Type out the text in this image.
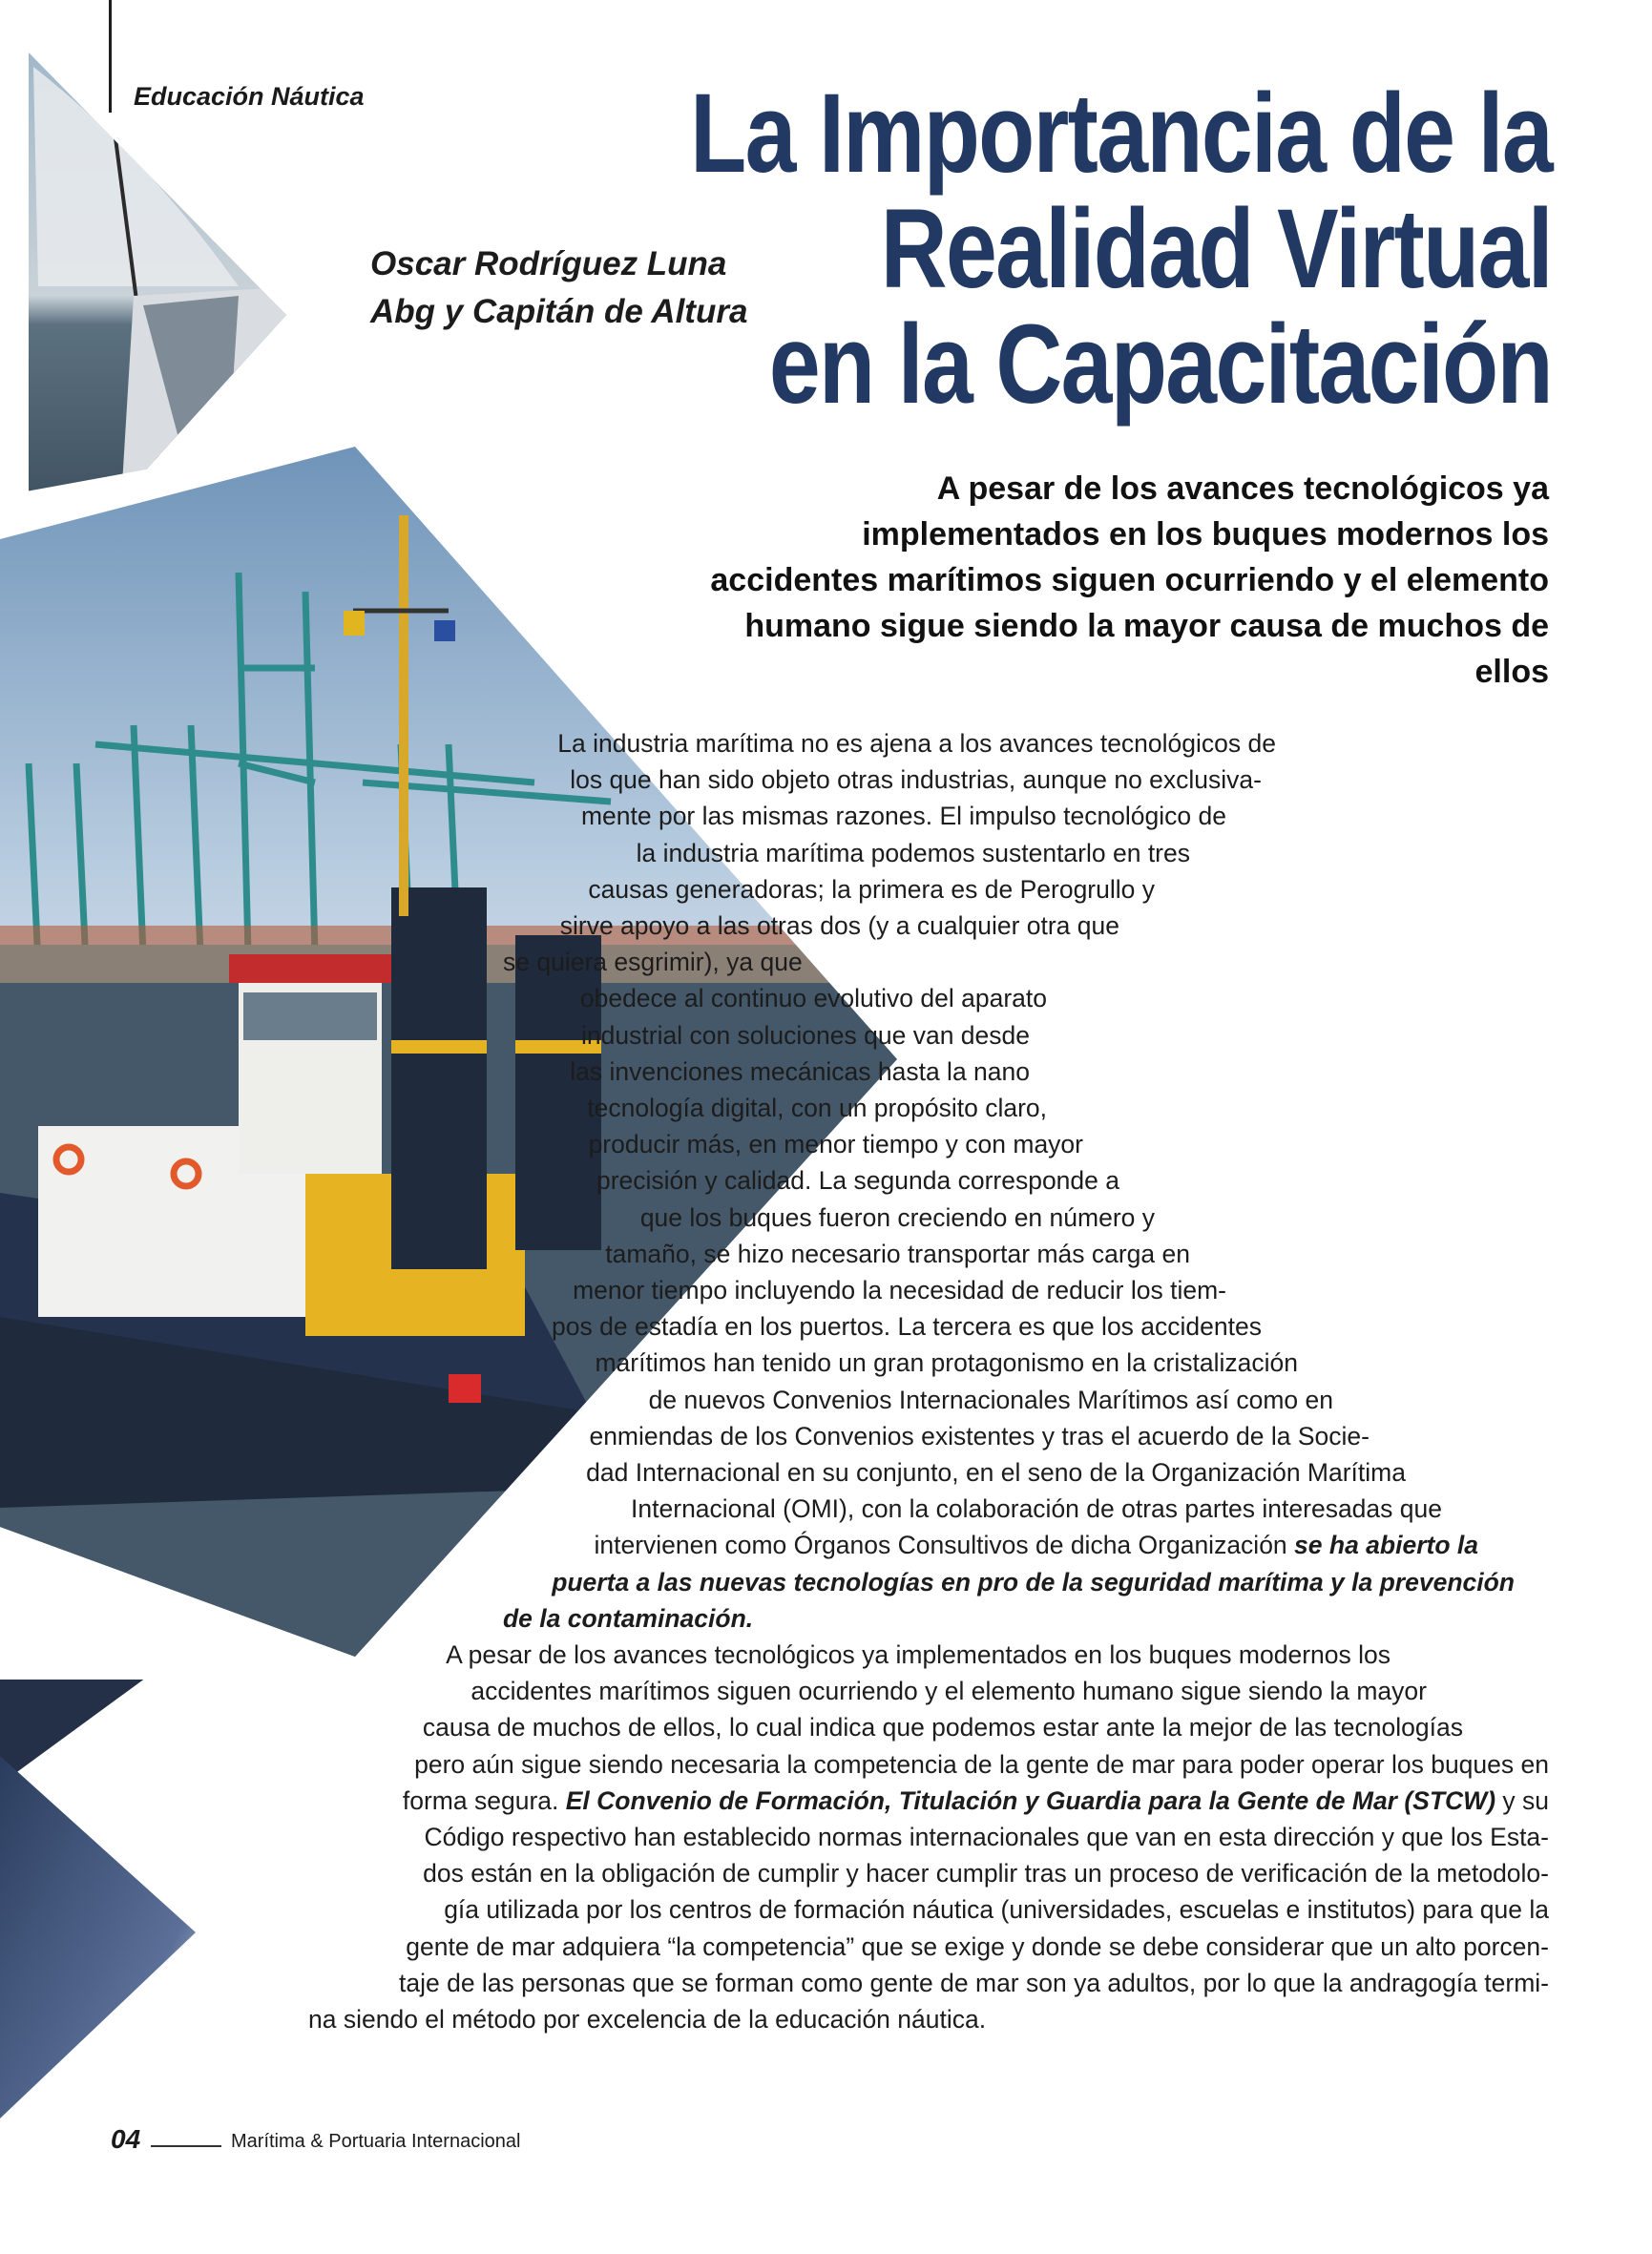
Educación Náutica	La Importancia de la
Realidad Virtual
en la Capacitación
Oscar Rodríguez Luna
Abg y Capitán de Altura
A pesar de los avances tecnológicos ya implementados en los buques modernos los accidentes marítimos siguen ocurriendo y el elemento humano sigue siendo la mayor causa de muchos de ellos

La industria marítima no es ajena a los avances tecnológicos de

los que han sido objeto otras industrias, aunque no exclusiva-

mente por las mismas razones. El impulso tecnológico de

la industria marítima podemos sustentarlo en tres

causas generadoras; la primera es de Perogrullo y

sirve apoyo a las otras dos (y a cualquier otra que

se quiera esgrimir), ya que

obedece al continuo evolutivo del aparato

industrial con soluciones que van desde

las invenciones mecánicas hasta la nano

tecnología digital, con un propósito claro,

producir más, en menor tiempo y con mayor

precisión y calidad. La segunda corresponde a

que los buques fueron creciendo en número y

tamaño, se hizo necesario transportar más carga en

menor tiempo incluyendo la necesidad de reducir los tiem-

pos de estadía en los puertos. La tercera es que los accidentes

marítimos han tenido un gran protagonismo en la cristalización

de nuevos Convenios Internacionales Marítimos así como en

enmiendas de los Convenios existentes y tras el acuerdo de la Socie-

dad Internacional en su conjunto, en el seno de la Organización Marítima

Internacional (OMI), con la colaboración de otras partes interesadas que

intervienen como Órganos Consultivos de dicha Organización se ha abierto la

puerta a las nuevas tecnologías en pro de la seguridad marítima y la prevención

de la contaminación.

A pesar de los avances tecnológicos ya implementados en los buques modernos los

accidentes marítimos siguen ocurriendo y el elemento humano sigue siendo la mayor

causa de muchos de ellos, lo cual indica que podemos estar ante la mejor de las tecnologías

pero aún sigue siendo necesaria la competencia de la gente de mar para poder operar los buques en

forma segura. El Convenio de Formación, Titulación y Guardia para la Gente de Mar (STCW) y su

Código respectivo han establecido normas internacionales que van en esta dirección y que los Esta-

dos están en la obligación de cumplir y hacer cumplir tras un proceso de verificación de la metodolo-

gía utilizada por los centros de formación náutica (universidades, escuelas e institutos) para que la

gente de mar adquiera “la competencia” que se exige y donde se debe considerar que un alto porcen-

taje de las personas que se forman como gente de mar son ya adultos, por lo que la andragogía termi-

na siendo el método por excelencia de la educación náutica.

04	Marítima & Portuaria Internacional
